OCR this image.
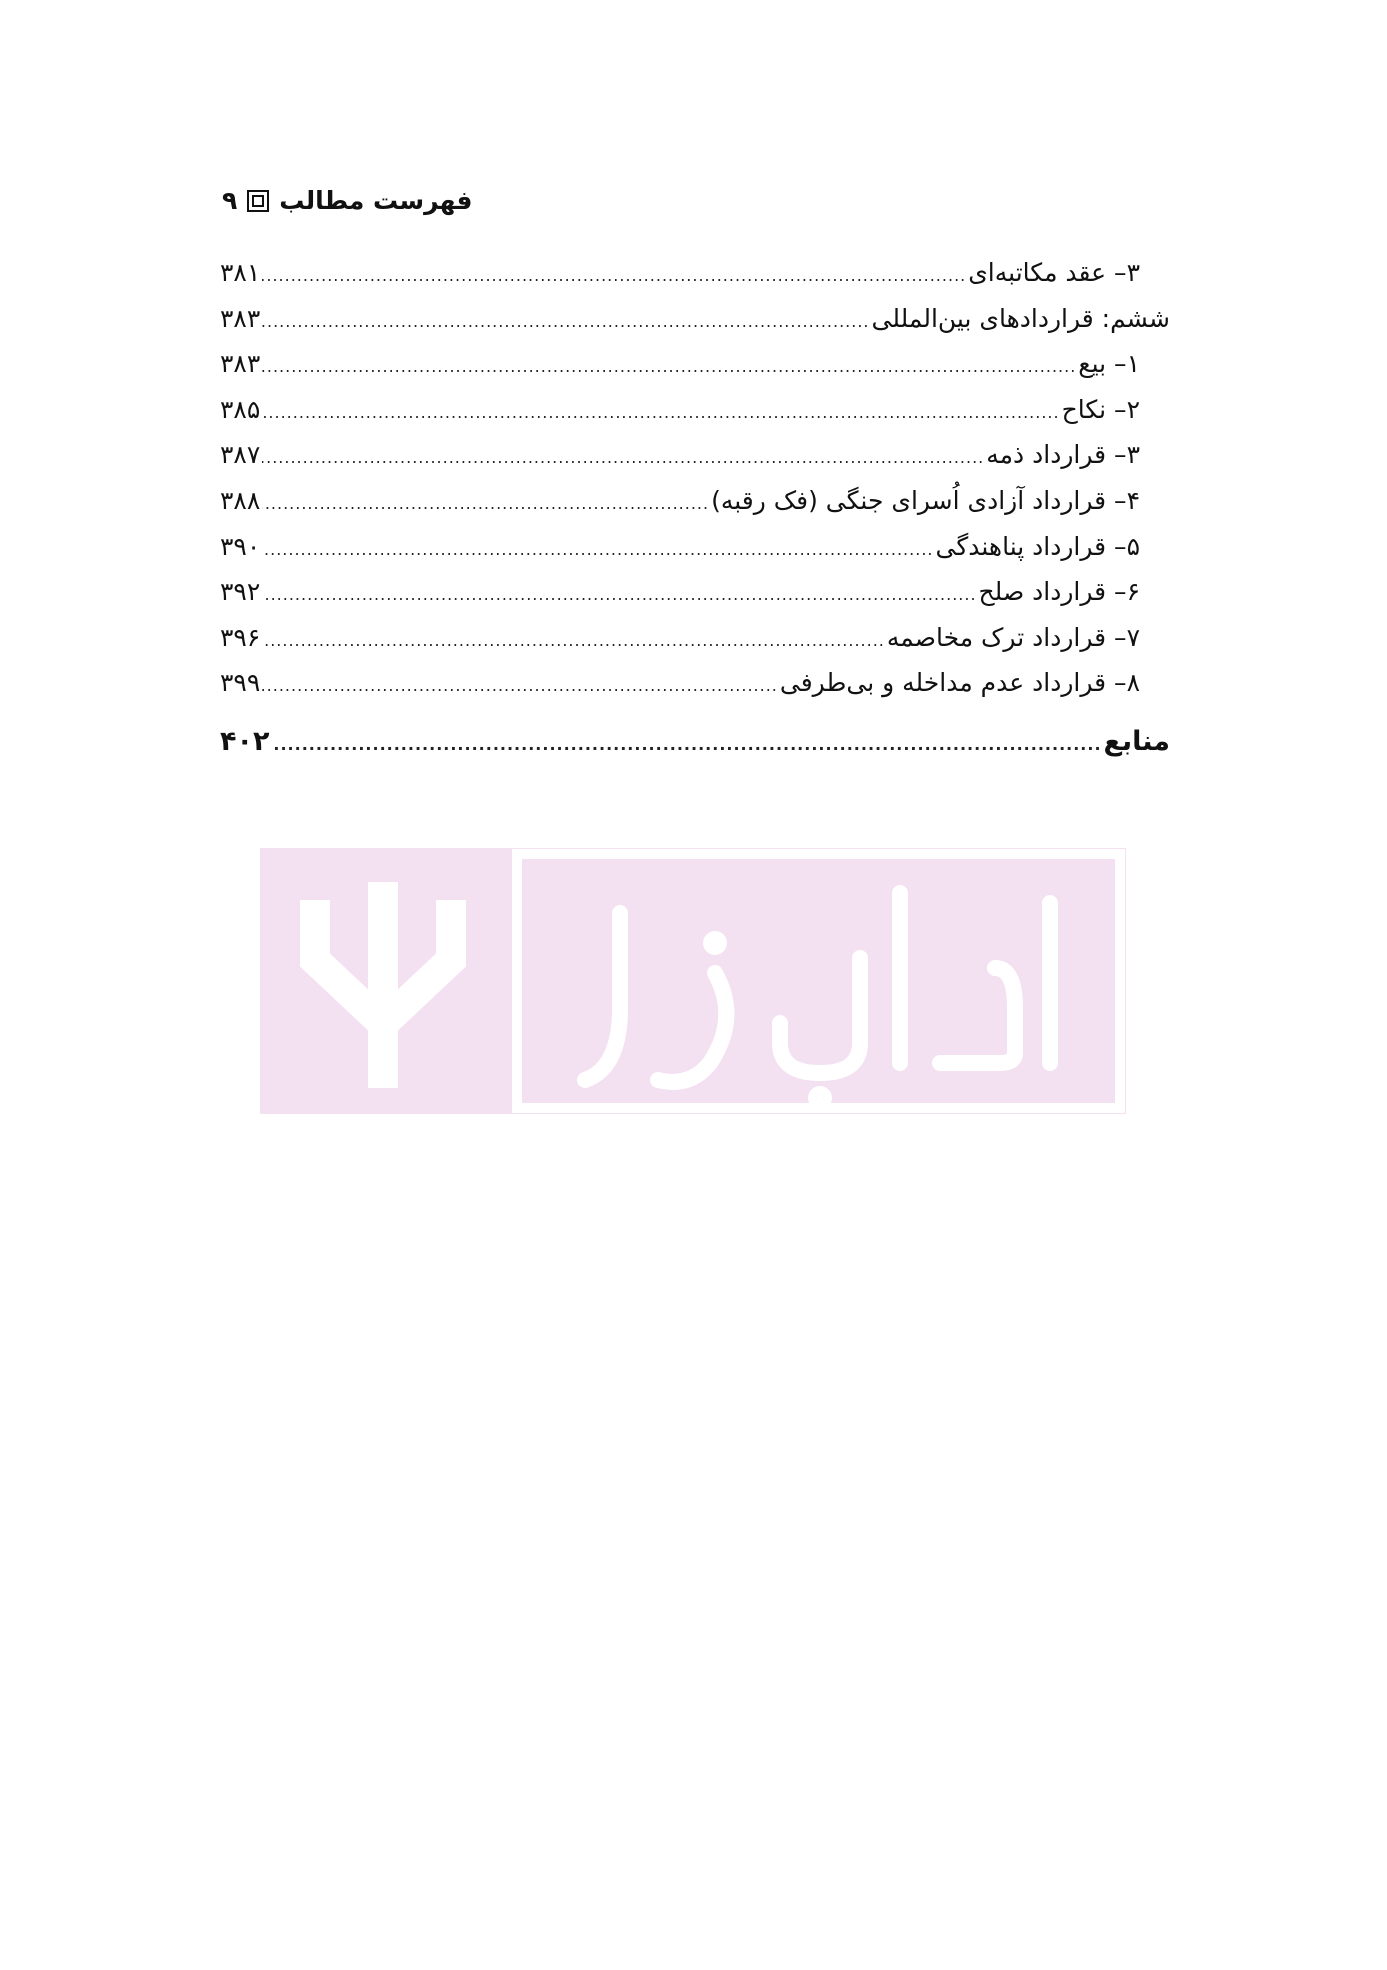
۹ فهرست مطالب
۳– عقد مکاتبه‌ای
.....
۳۸۱
ششم: قراردادهای بین‌المللی
.....
۳۸۳
۱– بیع
.....
۳۸۳
۲– نکاح
.....
۳۸۵
۳– قرارداد ذمه
.....
۳۸۷
۴– قرارداد آزادی اُسرای جنگی (فک رقبه)
.....
۳۸۸
۵– قرارداد پناهندگی
.....
۳۹۰
۶– قرارداد صلح
.....
۳۹۲
۷– قرارداد ترک مخاصمه
.....
۳۹۶
۸– قرارداد عدم مداخله و بی‌طرفی
.....
۳۹۹
منابع
.....
۴۰۲
